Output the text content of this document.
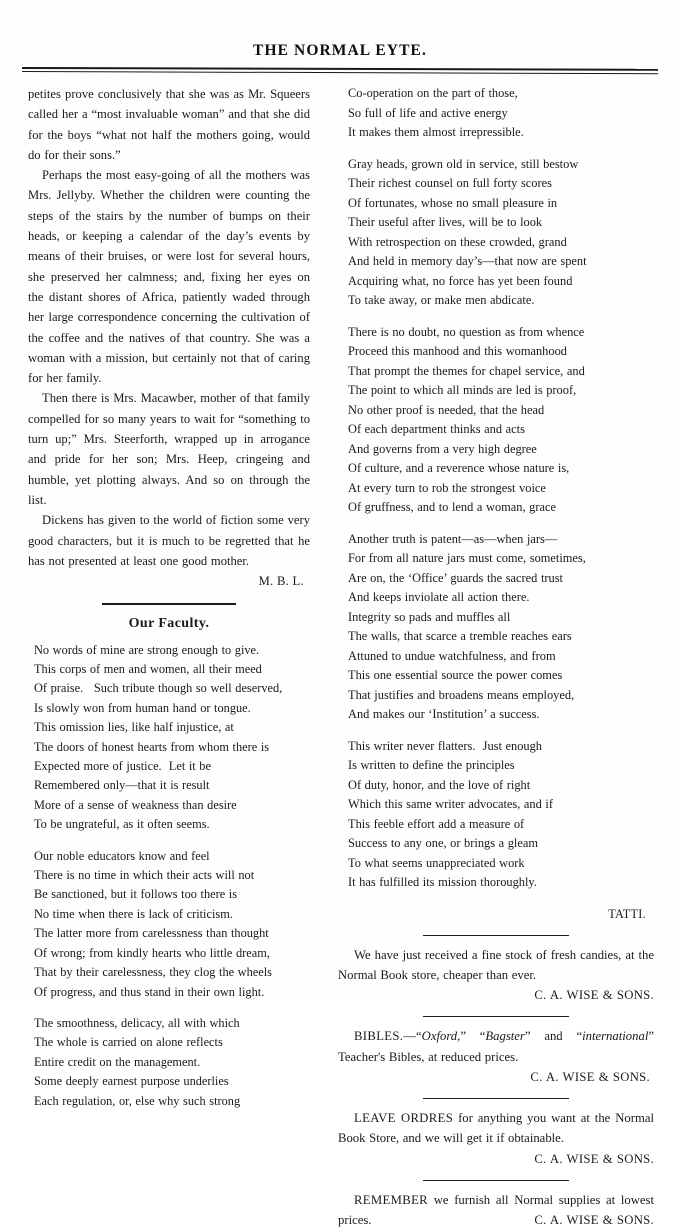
THE NORMAL EYTE.

petites prove conclusively that she was as Mr. Squeers called her a “most invaluable woman” and that she did for the boys “what not half the mothers going, would do for their sons.”

Perhaps the most easy-going of all the mothers was Mrs. Jellyby. Whether the children were counting the steps of the stairs by the number of bumps on their heads, or keeping a calendar of the day’s events by means of their bruises, or were lost for several hours, she preserved her calmness; and, fixing her eyes on the distant shores of Africa, patiently waded through her large correspondence concerning the cultivation of the coffee and the natives of that country. She was a woman with a mission, but certainly not that of caring for her family.

Then there is Mrs. Macawber, mother of that family compelled for so many years to wait for “something to turn up;” Mrs. Steerforth, wrapped up in arrogance and pride for her son; Mrs. Heep, cringeing and humble, yet plotting always. And so on through the list.

Dickens has given to the world of fiction some very good characters, but it is much to be regretted that he has not presented at least one good mother.

M. B. L.
Our Faculty.
No words of mine are strong enough to give.
This corps of men and women, all their meed
Of praise.   Such tribute though so well deserved,
Is slowly won from human hand or tongue.
This omission lies, like half injustice, at
The doors of honest hearts from whom there is
Expected more of justice.  Let it be
Remembered only—that it is result
More of a sense of weakness than desire
To be ungrateful, as it often seems.
Our noble educators know and feel
There is no time in which their acts will not
Be sanctioned, but it follows too there is
No time when there is lack of criticism.
The latter more from carelessness than thought
Of wrong; from kindly hearts who little dream,
That by their carelessness, they clog the wheels
Of progress, and thus stand in their own light.
The smoothness, delicacy, all with which
The whole is carried on alone reflects
Entire credit on the management.
Some deeply earnest purpose underlies
Each regulation, or, else why such strong
Co-operation on the part of those,
So full of life and active energy
It makes them almost irrepressible.
Gray heads, grown old in service, still bestow
Their richest counsel on full forty scores
Of fortunates, whose no small pleasure in
Their useful after lives, will be to look
With retrospection on these crowded, grand
And held in memory day’s—that now are spent
Acquiring what, no force has yet been found
To take away, or make men abdicate.
There is no doubt, no question as from whence
Proceed this manhood and this womanhood
That prompt the themes for chapel service, and
The point to which all minds are led is proof,
No other proof is needed, that the head
Of each department thinks and acts
And governs from a very high degree
Of culture, and a reverence whose nature is,
At every turn to rob the strongest voice
Of gruffness, and to lend a woman, grace
Another truth is patent—as—when jars—
For from all nature jars must come, sometimes,
Are on, the ‘Office’ guards the sacred trust
And keeps inviolate all action there.
Integrity so pads and muffles all
The walls, that scarce a tremble reaches ears
Attuned to undue watchfulness, and from
This one essential source the power comes
That justifies and broadens means employed,
And makes our ‘Institution’ a success.
This writer never flatters.  Just enough
Is written to define the principles
Of duty, honor, and the love of right
Which this same writer advocates, and if
This feeble effort add a measure of
Success to any one, or brings a gleam
To what seems unappreciated work
It has fulfilled its mission thoroughly.
TATTI.

We have just received a fine stock of fresh candies, at the Normal Book store, cheaper than ever.
C. A. WISE & SONS.

BIBLES.—“Oxford,” “Bagster” and “international” Teacher's Bibles, at reduced prices.

C. A. WISE & SONS.

LEAVE ORDRES for anything you want at the Normal Book Store, and we will get it if obtainable.
C. A. WISE & SONS.

REMEMBER we furnish all Normal supplies at lowest prices.	C. A. WISE & SONS.
